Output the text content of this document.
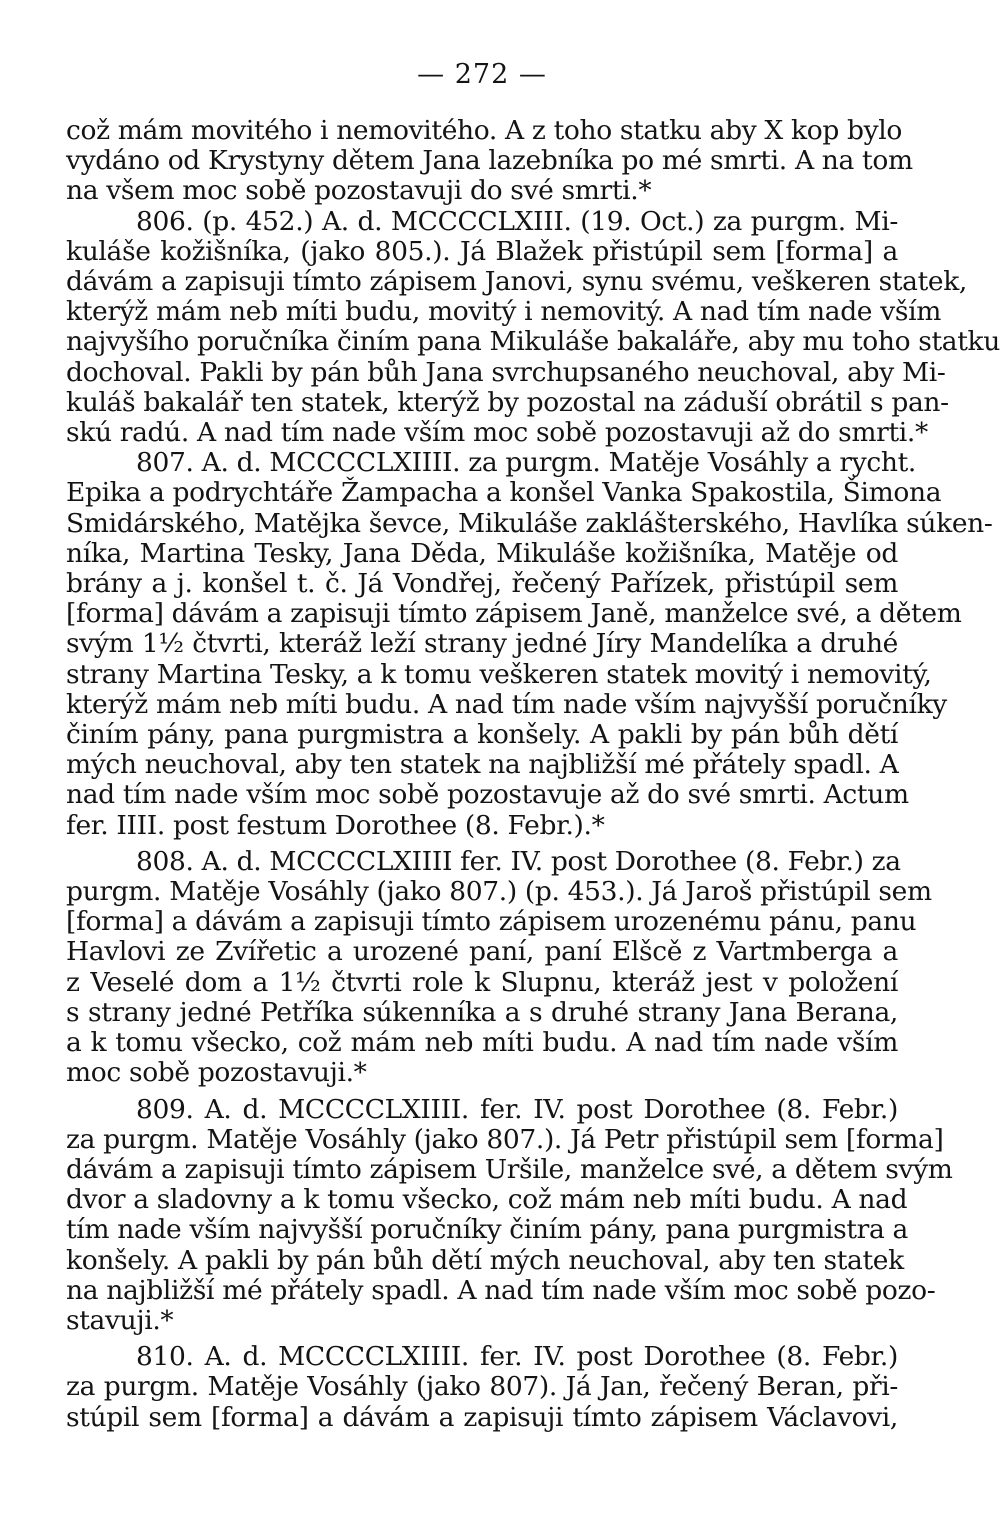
— 272 —
což mám movitého i nemovitého. A z toho statku aby X kop bylo
vydáno od Krystyny dětem Jana lazebníka po mé smrti. A na tom
na všem moc sobě pozostavuji do své smrti.*
806. (p. 452.) A. d. MCCCCLXIII. (19. Oct.) za purgm. Mi-
kuláše kožišníka, (jako 805.). Já Blažek přistúpil sem [forma] a
dávám a zapisuji tímto zápisem Janovi, synu svému, veškeren statek,
kterýž mám neb míti budu, movitý i nemovitý. A nad tím nade vším
najvyšího poručníka činím pana Mikuláše bakaláře, aby mu toho statku
dochoval. Pakli by pán bůh Jana svrchupsaného neuchoval, aby Mi-
kuláš bakalář ten statek, kterýž by pozostal na záduší obrátil s pan-
skú radú. A nad tím nade vším moc sobě pozostavuji až do smrti.*
807. A. d. MCCCCLXIIII. za purgm. Matěje Vosáhly a rycht.
Epika a podrychtáře Žampacha a konšel Vanka Spakostila, Šimona
Smidárského, Matějka ševce, Mikuláše zaklášterského, Havlíka súken-
níka, Martina Tesky, Jana Děda, Mikuláše kožišníka, Matěje od
brány a j. konšel t. č. Já Vondřej, řečený Pařízek, přistúpil sem
[forma] dávám a zapisuji tímto zápisem Janě, manželce své, a dětem
svým 1½ čtvrti, kteráž leží strany jedné Jíry Mandelíka a druhé
strany Martina Tesky, a k tomu veškeren statek movitý i nemovitý,
kterýž mám neb míti budu. A nad tím nade vším najvyšší poručníky
činím pány, pana purgmistra a konšely. A pakli by pán bůh dětí
mých neuchoval, aby ten statek na najbližší mé přátely spadl. A
nad tím nade vším moc sobě pozostavuje až do své smrti. Actum
fer. IIII. post festum Dorothee (8. Febr.).*
808. A. d. MCCCCLXIIII fer. IV. post Dorothee (8. Febr.) za
purgm. Matěje Vosáhly (jako 807.) (p. 453.). Já Jaroš přistúpil sem
[forma] a dávám a zapisuji tímto zápisem urozenému pánu, panu
Havlovi ze Zvířetic a urozené paní, paní Elšcě z Vartmberga a
z Veselé dom a 1½ čtvrti role k Slupnu, kteráž jest v položení
s strany jedné Petříka súkenníka a s druhé strany Jana Berana,
a k tomu všecko, což mám neb míti budu. A nad tím nade vším
moc sobě pozostavuji.*
809. A. d. MCCCCLXIIII. fer. IV. post Dorothee (8. Febr.)
za purgm. Matěje Vosáhly (jako 807.). Já Petr přistúpil sem [forma]
dávám a zapisuji tímto zápisem Uršile, manželce své, a dětem svým
dvor a sladovny a k tomu všecko, což mám neb míti budu. A nad
tím nade vším najvyšší poručníky činím pány, pana purgmistra a
konšely. A pakli by pán bůh dětí mých neuchoval, aby ten statek
na najbližší mé přátely spadl. A nad tím nade vším moc sobě pozo-
stavuji.*
810. A. d. MCCCCLXIIII. fer. IV. post Dorothee (8. Febr.)
za purgm. Matěje Vosáhly (jako 807). Já Jan, řečený Beran, při-
stúpil sem [forma] a dávám a zapisuji tímto zápisem Václavovi,
